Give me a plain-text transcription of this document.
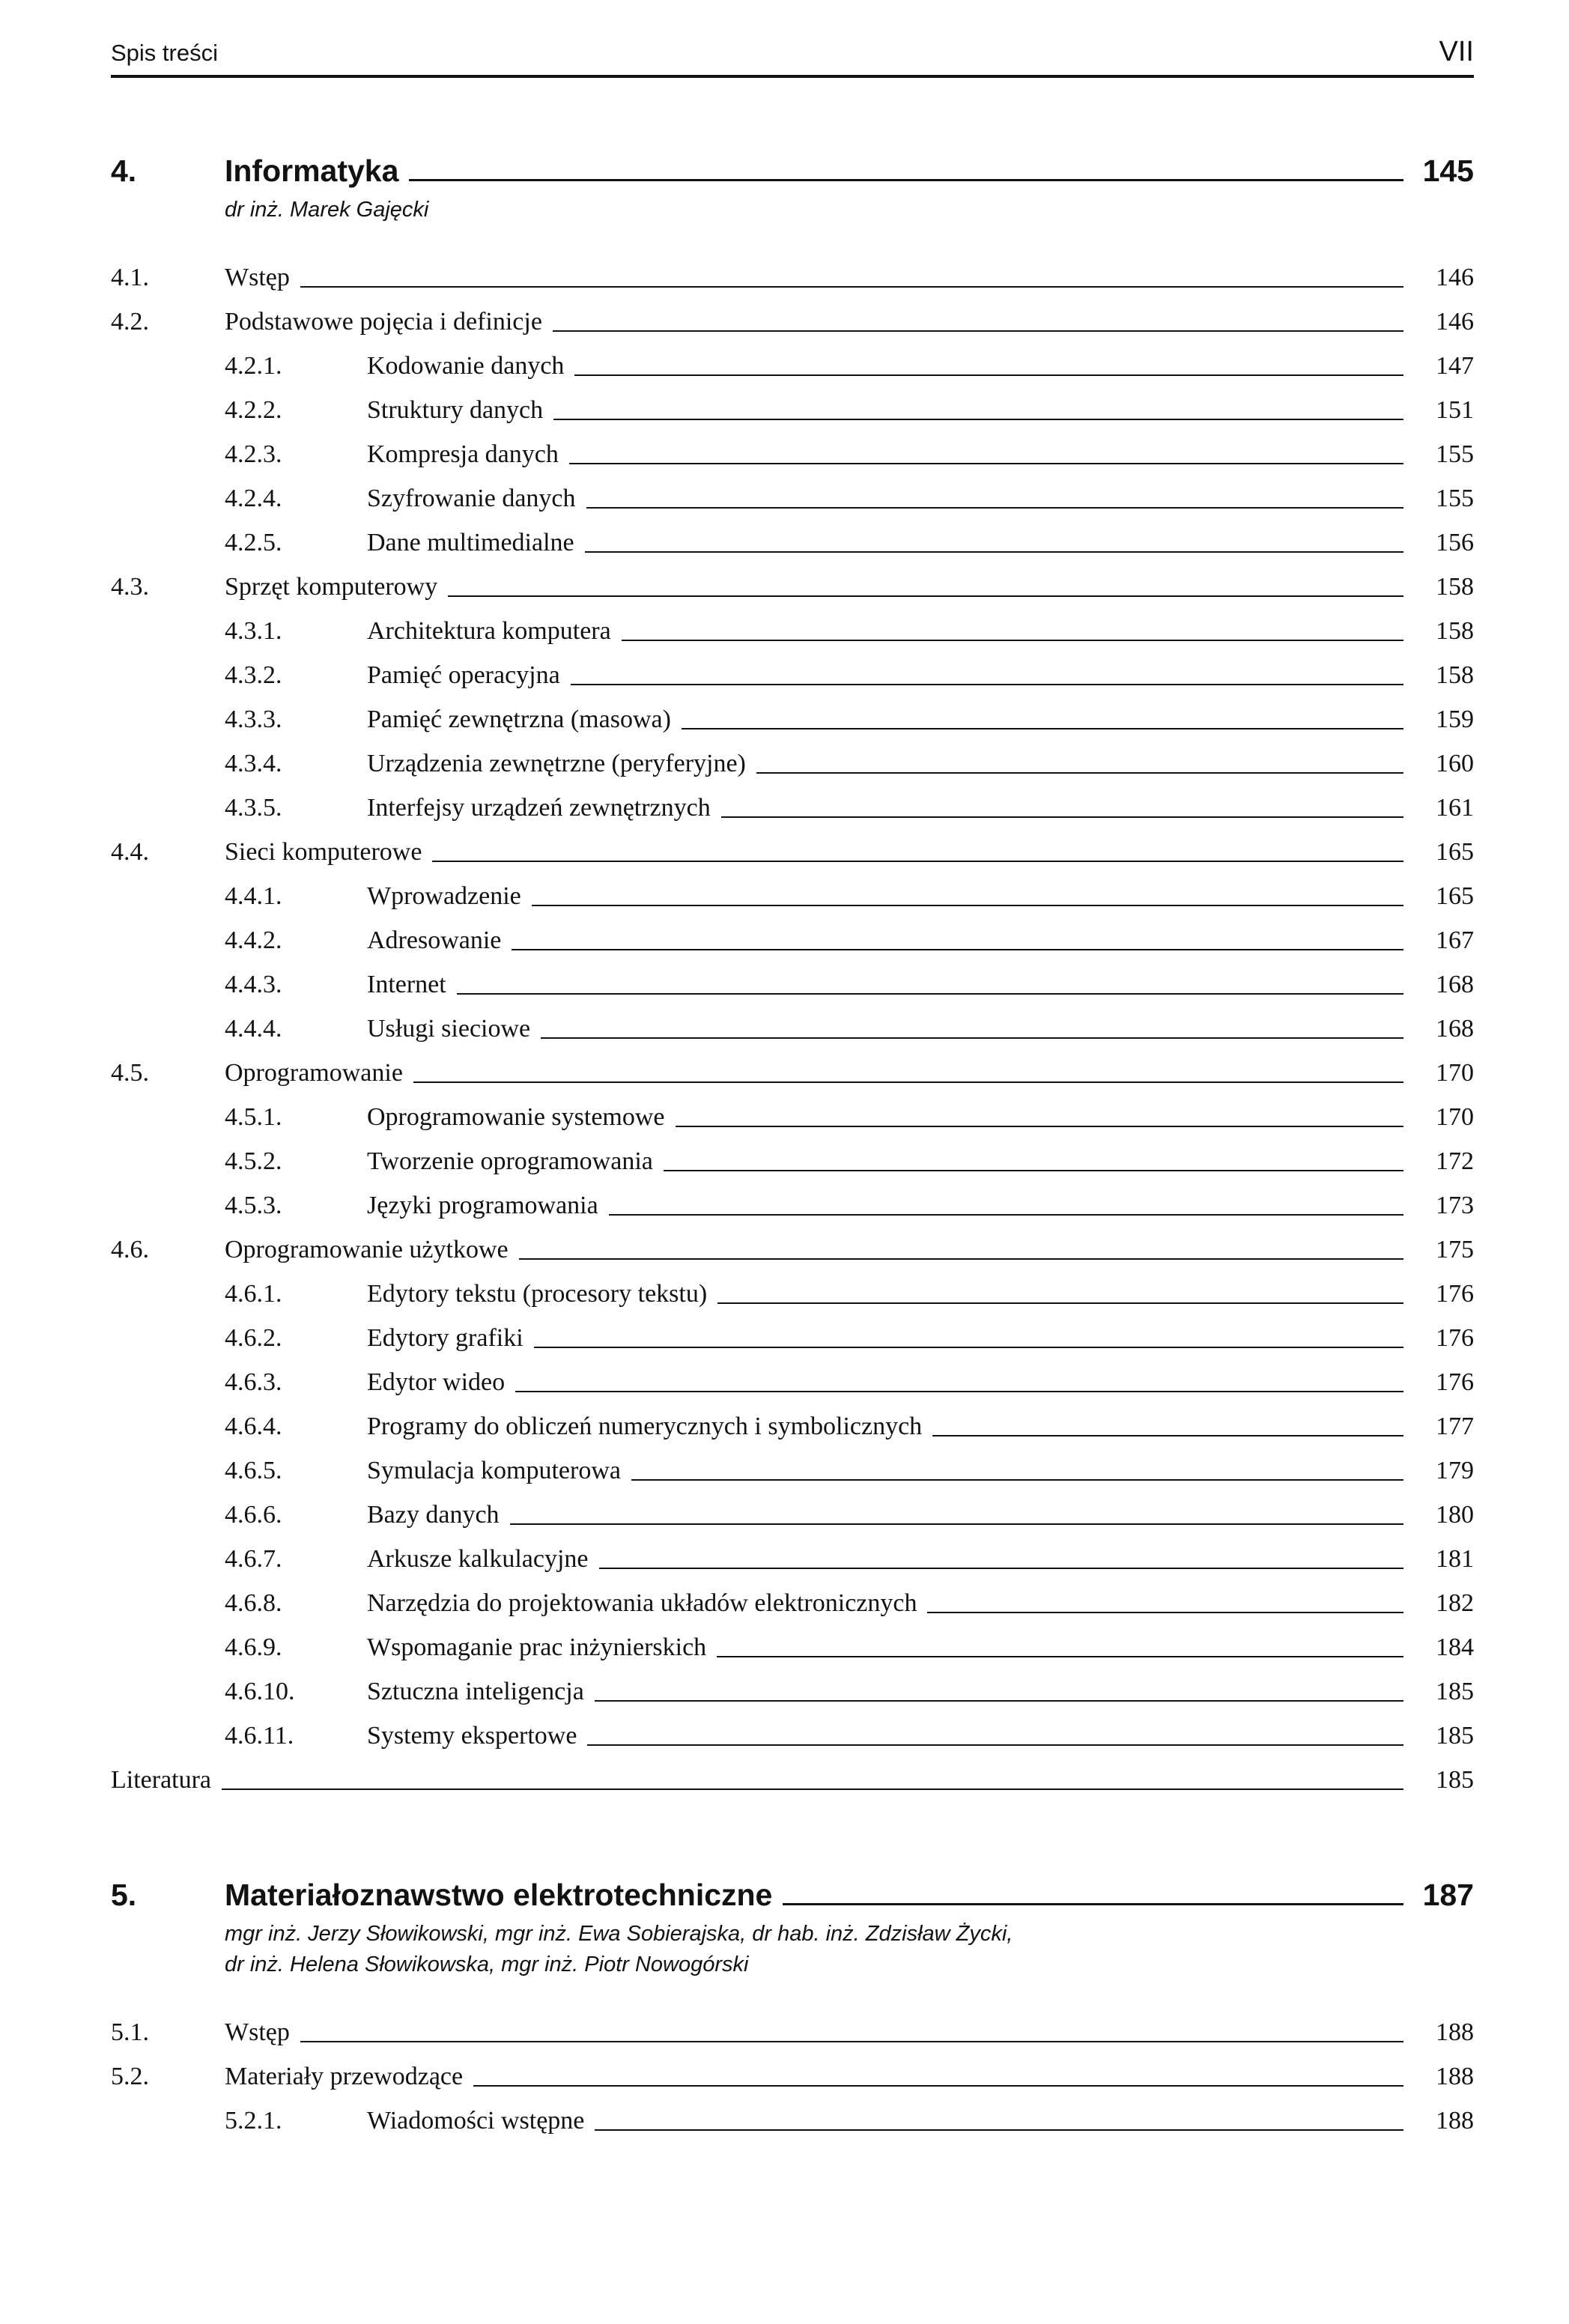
Spis treści	VII
4.	Informatyka	145
dr inż. Marek Gajęcki
4.1.	Wstęp	146
4.2.	Podstawowe pojęcia i definicje	146
4.2.1.	Kodowanie danych	147
4.2.2.	Struktury danych	151
4.2.3.	Kompresja danych	155
4.2.4.	Szyfrowanie danych	155
4.2.5.	Dane multimedialne	156
4.3.	Sprzęt komputerowy	158
4.3.1.	Architektura komputera	158
4.3.2.	Pamięć operacyjna	158
4.3.3.	Pamięć zewnętrzna (masowa)	159
4.3.4.	Urządzenia zewnętrzne (peryferyjne)	160
4.3.5.	Interfejsy urządzeń zewnętrznych	161
4.4.	Sieci komputerowe	165
4.4.1.	Wprowadzenie	165
4.4.2.	Adresowanie	167
4.4.3.	Internet	168
4.4.4.	Usługi sieciowe	168
4.5.	Oprogramowanie	170
4.5.1.	Oprogramowanie systemowe	170
4.5.2.	Tworzenie oprogramowania	172
4.5.3.	Języki programowania	173
4.6.	Oprogramowanie użytkowe	175
4.6.1.	Edytory tekstu (procesory tekstu)	176
4.6.2.	Edytory grafiki	176
4.6.3.	Edytor wideo	176
4.6.4.	Programy do obliczeń numerycznych i symbolicznych	177
4.6.5.	Symulacja komputerowa	179
4.6.6.	Bazy danych	180
4.6.7.	Arkusze kalkulacyjne	181
4.6.8.	Narzędzia do projektowania układów elektronicznych	182
4.6.9.	Wspomaganie prac inżynierskich	184
4.6.10.	Sztuczna inteligencja	185
4.6.11.	Systemy ekspertowe	185
Literatura	185
5.	Materiałoznawstwo elektrotechniczne	187
mgr inż. Jerzy Słowikowski, mgr inż. Ewa Sobierajska, dr hab. inż. Zdzisław Życki,
dr inż. Helena Słowikowska, mgr inż. Piotr Nowogórski
5.1.	Wstęp	188
5.2.	Materiały przewodzące	188
5.2.1.	Wiadomości wstępne	188
